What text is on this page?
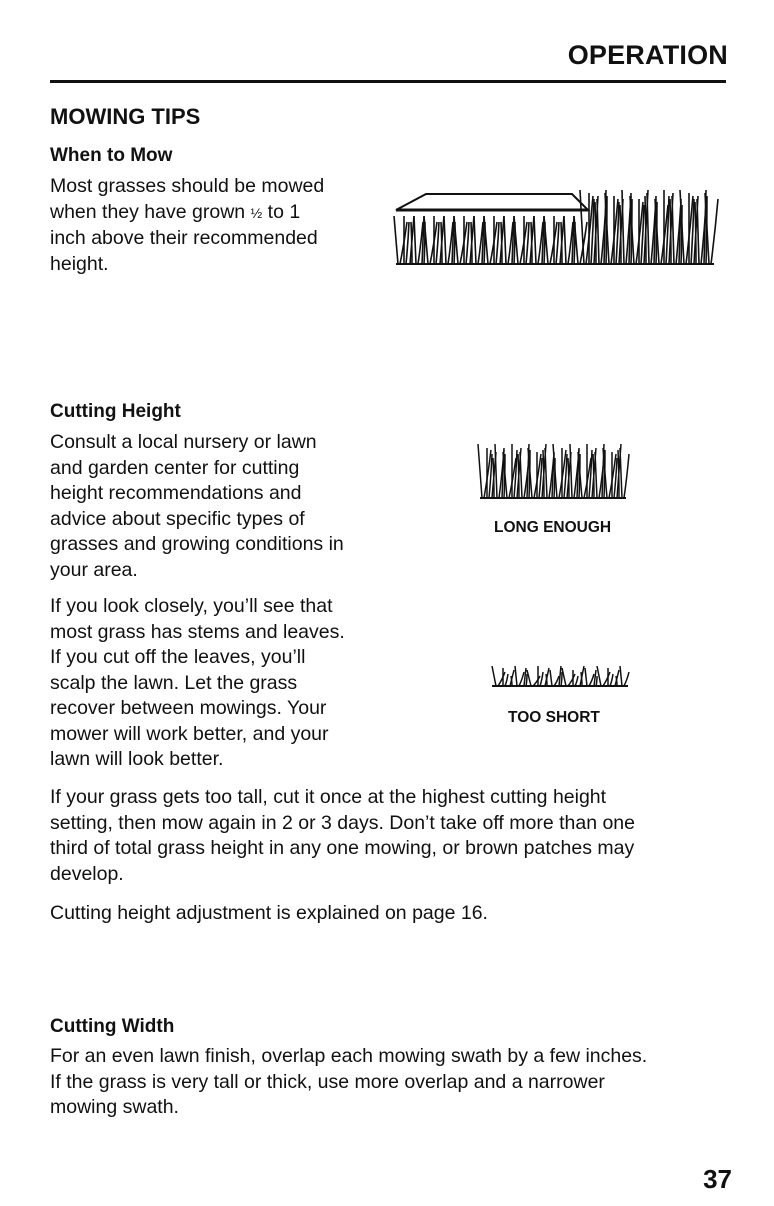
OPERATION
MOWING TIPS
When to Mow

Most grasses should be mowed

when they have grown ½ to 1

inch above their recommended

height.

Cutting Height

Consult a local nursery or lawn

and garden center for cutting

height recommendations and

advice about specific types of

grasses and growing conditions in

your area.

If you look closely, you’ll see that

most grass has stems and leaves.

If you cut off the leaves, you’ll

scalp the lawn. Let the grass

recover between mowings. Your

mower will work better, and your

lawn will look better.

LONG ENOUGH
TOO SHORT

If your grass gets too tall, cut it once at the highest cutting height

setting, then mow again in 2 or 3 days. Don’t take off more than one

third of total grass height in any one mowing, or brown patches may

develop.

Cutting height adjustment is explained on page 16.
Cutting Width

For an even lawn finish, overlap each mowing swath by a few inches.

If the grass is very tall or thick, use more overlap and a narrower

mowing swath.

37
